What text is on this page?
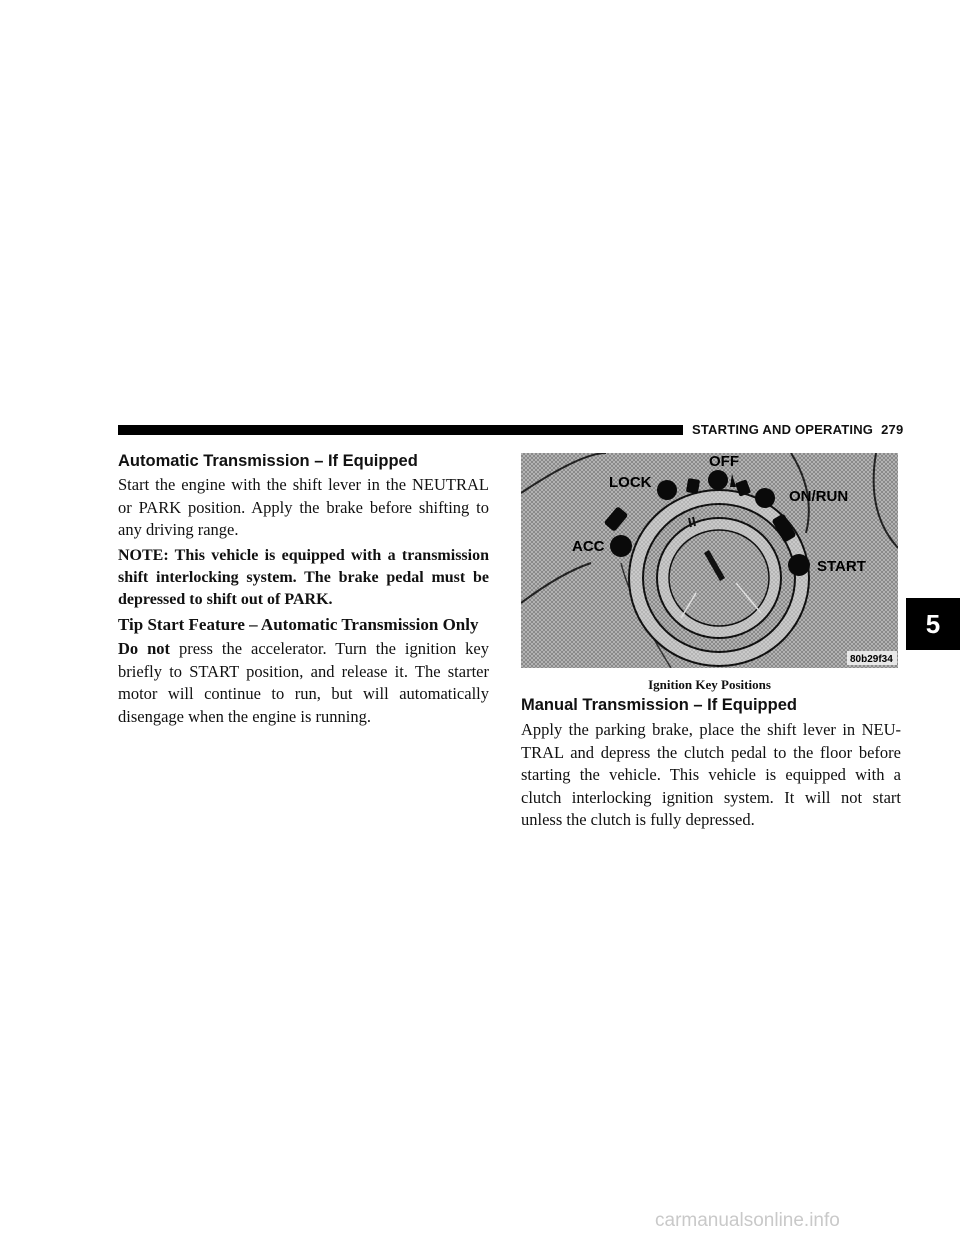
STARTING AND OPERATING 279
5
Automatic Transmission – If Equipped
Start the engine with the shift lever in the NEUTRAL or PARK position. Apply the brake before shifting to any driving range.
NOTE: This vehicle is equipped with a transmission shift interlocking system. The brake pedal must be depressed to shift out of PARK.
Tip Start Feature – Automatic Transmission Only
Do not press the accelerator. Turn the ignition key briefly to START position, and release it. The starter motor will continue to run, but will automatically disengage when the engine is running.
LOCK
OFF
ON/RUN
ACC
START
80b29f34
Ignition Key Positions
Manual Transmission – If Equipped
Apply the parking brake, place the shift lever in NEU-TRAL and depress the clutch pedal to the floor before starting the vehicle. This vehicle is equipped with a clutch interlocking ignition system. It will not start unless the clutch is fully depressed.
carmanualsonline.info
